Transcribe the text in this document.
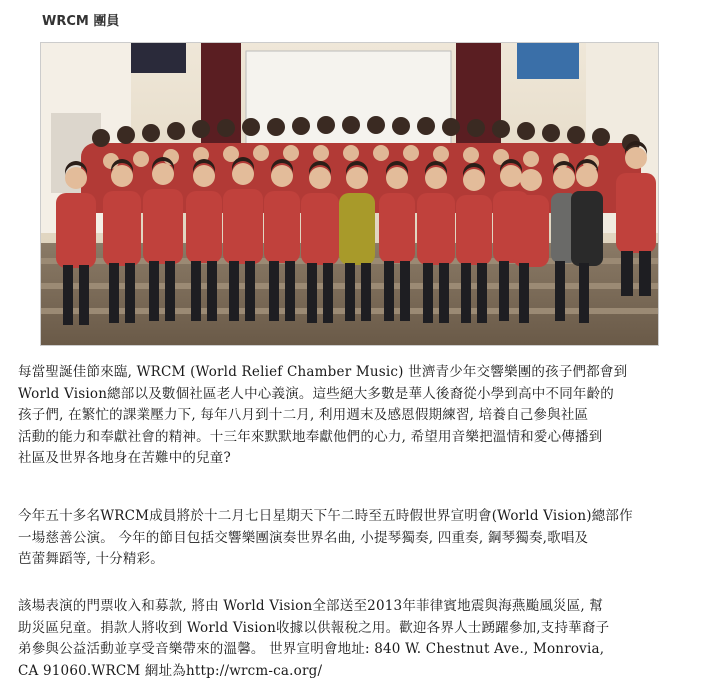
WRCM 團員
每當聖誕佳節來臨, WRCM (World Relief Chamber Music) 世濟青少年交響樂團的孩子們都會到
World Vision總部以及數個社區老人中心義演。這些絕大多數是華人後裔從小學到高中不同年齡的
孩子們, 在繁忙的課業壓力下, 每年八月到十二月, 利用週末及感恩假期練習, 培養自己參與社區
活動的能力和奉獻社會的精神。十三年來默默地奉獻他們的心力, 希望用音樂把溫情和愛心傳播到
社區及世界各地身在苦難中的兒童?
今年五十多名WRCM成員將於十二月七日星期天下午二時至五時假世界宣明會(World Vision)總部作
一場慈善公演。 今年的節目包括交響樂團演奏世界名曲, 小提琴獨奏, 四重奏, 鋼琴獨奏,歌唱及
芭蕾舞蹈等, 十分精彩。
該場表演的門票收入和募款, 將由 World Vision全部送至2013年菲律賓地震與海燕颱風災區, 幫
助災區兒童。捐款人將收到 World Vision收據以供報稅之用。歡迎各界人士踴躍參加,支持華裔子
弟參與公益活動並享受音樂帶來的溫馨。 世界宣明會地址: 840 W. Chestnut Ave., Monrovia,
CA 91060.WRCM 網址為http://wrcm-ca.org/
